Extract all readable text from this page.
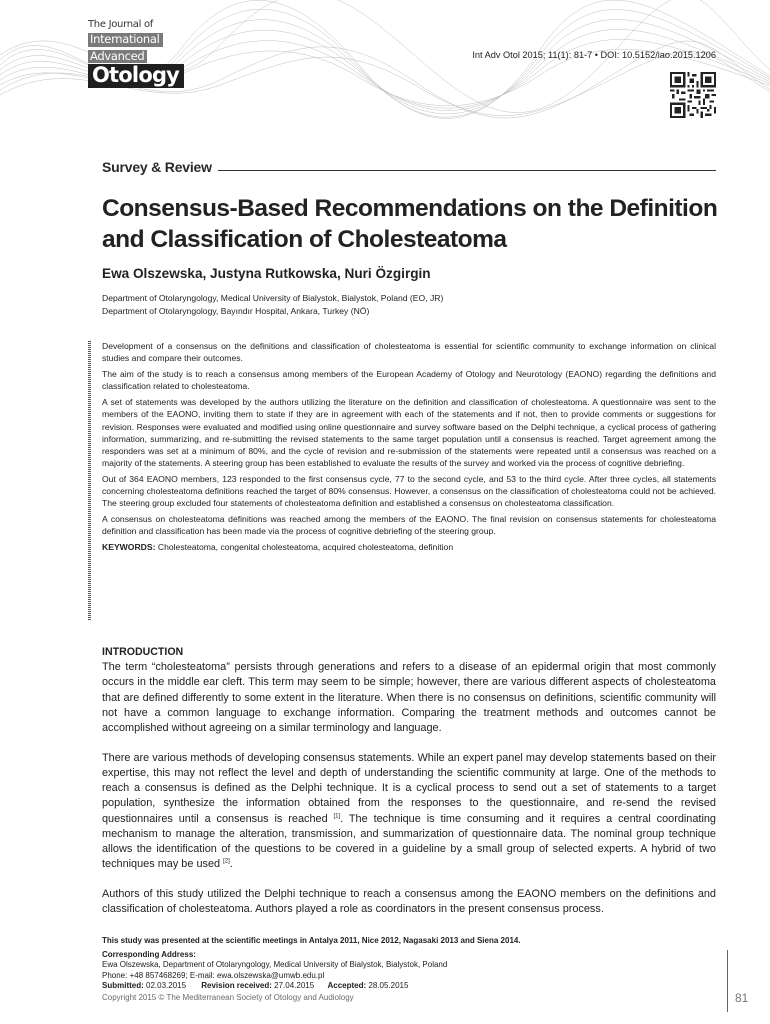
The Journal of
International
Advanced
Otology
Int Adv Otol 2015; 11(1): 81-7 • DOI: 10.5152/iao.2015.1206
Survey & Review
Consensus-Based Recommendations on the Definition and Classification of Cholesteatoma
Ewa Olszewska, Justyna Rutkowska, Nuri Özgirgin
Department of Otolaryngology, Medical University of Bialystok, Bialystok, Poland (EO, JR)
Department of Otolaryngology, Bayındır Hospital, Ankara, Turkey (NÖ)

Development of a consensus on the definitions and classification of cholesteatoma is essential for scientific community to exchange information on clinical studies and compare their outcomes.

The aim of the study is to reach a consensus among members of the European Academy of Otology and Neurotology (EAONO) regarding the definitions and classification related to cholesteatoma.

A set of statements was developed by the authors utilizing the literature on the definition and classification of cholesteatoma. A questionnaire was sent to the members of the EAONO, inviting them to state if they are in agreement with each of the statements and if not, then to provide comments or suggestions for revision. Responses were evaluated and modified using online questionnaire and survey software based on the Delphi technique, a cyclical process of gathering information, summarizing, and re-submitting the revised statements to the same target population until a consensus is reached. Target agreement among the responders was set at a minimum of 80%, and the cycle of revision and re-submission of the statements were repeated until a consensus was reached on a majority of the statements. A steering group has been established to evaluate the results of the survey and worked via the process of cognitive debriefing.

Out of 364 EAONO members, 123 responded to the first consensus cycle, 77 to the second cycle, and 53 to the third cycle. After three cycles, all statements concerning cholesteatoma definitions reached the target of 80% consensus. However, a consensus on the classification of cholesteatoma could not be achieved. The steering group excluded four statements of cholesteatoma definition and established a consensus on cholesteatoma classification.

A consensus on cholesteatoma definitions was reached among the members of the EAONO. The final revision on consensus statements for cholesteatoma definition and classification has been made via the process of cognitive debriefing of the steering group.

KEYWORDS: Cholesteatoma, congenital cholesteatoma, acquired cholesteatoma, definition

INTRODUCTION

The term “cholesteatoma” persists through generations and refers to a disease of an epidermal origin that most commonly occurs in the middle ear cleft. This term may seem to be simple; however, there are various different aspects of cholesteatoma that are defined differently to some extent in the literature. When there is no consensus on definitions, scientific community will not have a common language to exchange information. Comparing the treatment methods and outcomes cannot be accomplished without agreeing on a similar terminology and language.

There are various methods of developing consensus statements. While an expert panel may develop statements based on their expertise, this may not reflect the level and depth of understanding the scientific community at large. One of the methods to reach a consensus is defined as the Delphi technique. It is a cyclical process to send out a set of statements to a target population, synthesize the information obtained from the responses to the questionnaire, and re-send the revised questionnaires until a consensus is reached [1]. The technique is time consuming and it requires a central coordinating mechanism to manage the alteration, transmission, and summarization of questionnaire data. The nominal group technique allows the identification of the questions to be covered in a guideline by a small group of selected experts. A hybrid of two techniques may be used [2].

Authors of this study utilized the Delphi technique to reach a consensus among the EAONO members on the definitions and classification of cholesteatoma. Authors played a role as coordinators in the present consensus process.

This study was presented at the scientific meetings in Antalya 2011, Nice 2012, Nagasaki 2013 and Siena 2014.
Corresponding Address:
Ewa Olszewska, Department of Otolaryngology, Medical University of Bialystok, Bialystok, Poland
Phone: +48 857468269; E-mail: ewa.olszewska@umwb.edu.pl
Submitted: 02.03.2015 Revision received: 27.04.2015 Accepted: 28.05.2015
Copyright 2015 © The Mediterranean Society of Otology and Audiology	81
